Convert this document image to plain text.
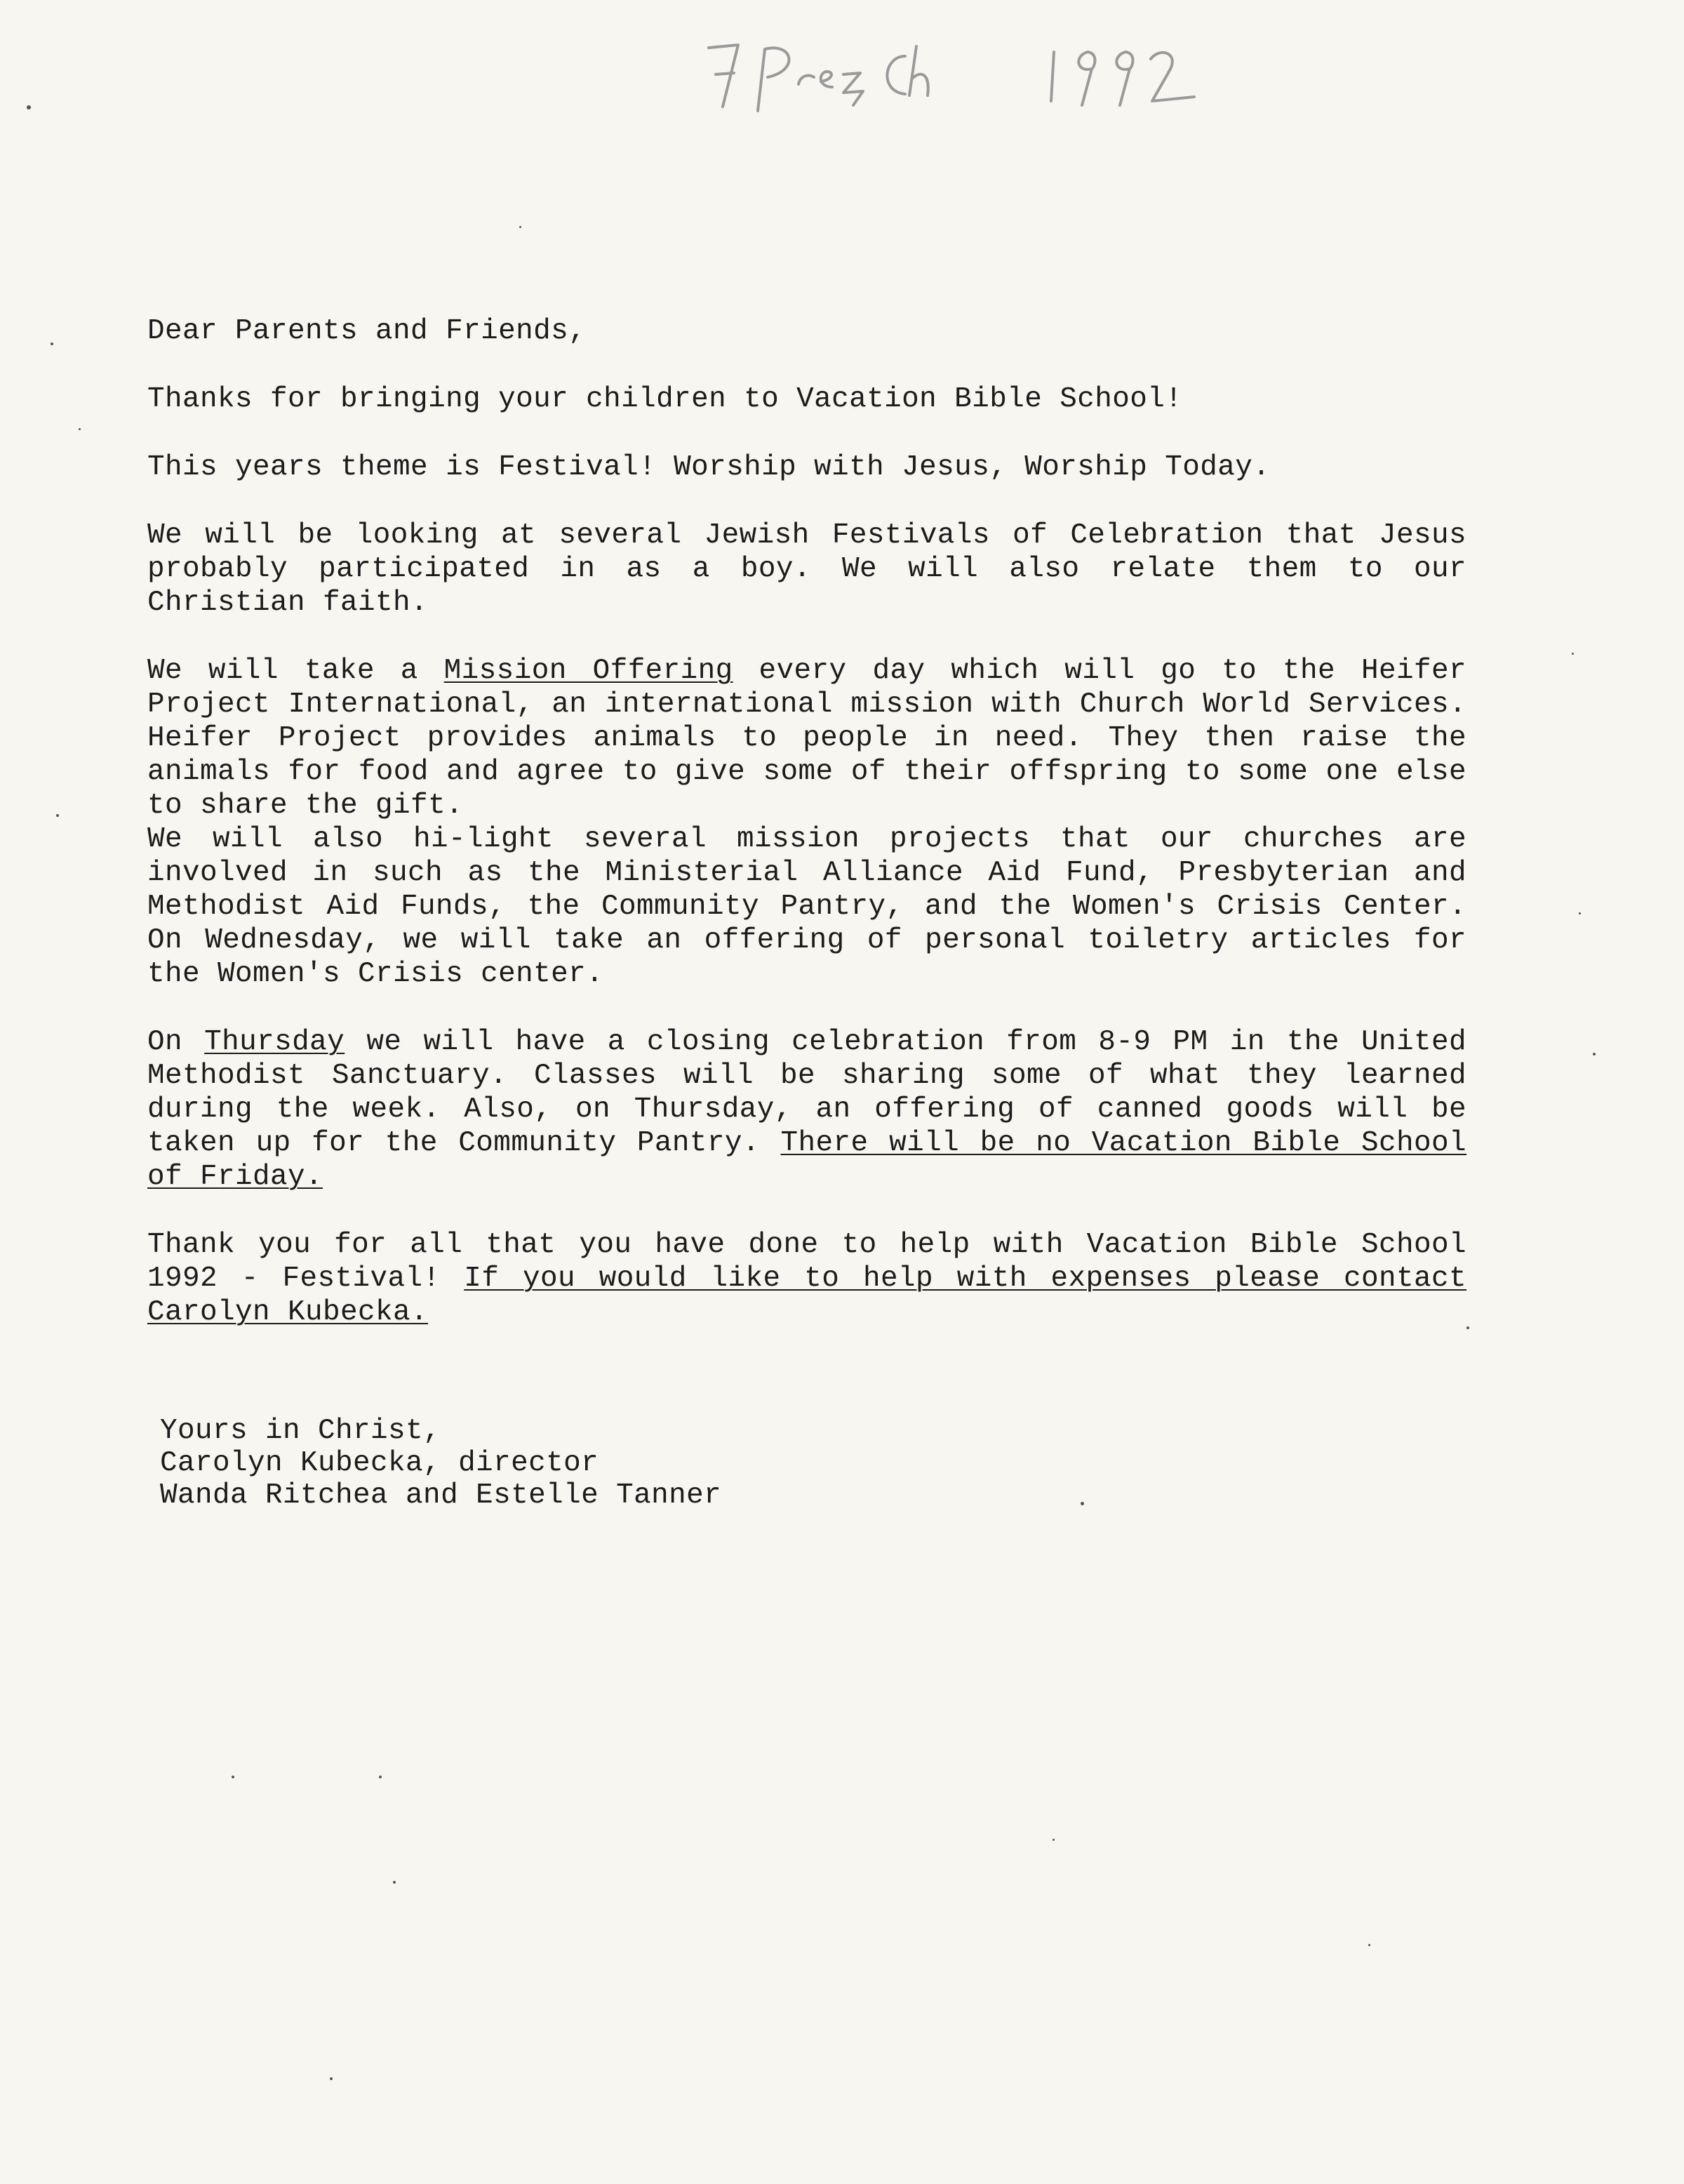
Dear Parents and Friends,

Thanks for bringing your children to Vacation Bible School!

This years theme is Festival! Worship with Jesus, Worship Today.

We will be looking at several Jewish Festivals of Celebration that Jesus probably participated in as a boy. We will also relate them to our Christian faith.

We will take a Mission Offering every day which will go to the Heifer Project International, an international mission with Church World Services. Heifer Project provides animals to people in need. They then raise the animals for food and agree to give some of their offspring to some one else to share the gift.

We will also hi-light several mission projects that our churches are involved in such as the Ministerial Alliance Aid Fund, Presbyterian and Methodist Aid Funds, the Community Pantry, and the Women's Crisis Center. On Wednesday, we will take an offering of personal toiletry articles for the Women's Crisis center.

On Thursday we will have a closing celebration from 8-9 PM in the United Methodist Sanctuary. Classes will be sharing some of what they learned during the week. Also, on Thursday, an offering of canned goods will be taken up for the Community Pantry. There will be no Vacation Bible School of Friday.

Thank you for all that you have done to help with Vacation Bible School 1992 - Festival! If you would like to help with expenses please contact Carolyn Kubecka.

Yours in Christ,
Carolyn Kubecka, director
Wanda Ritchea and Estelle Tanner
